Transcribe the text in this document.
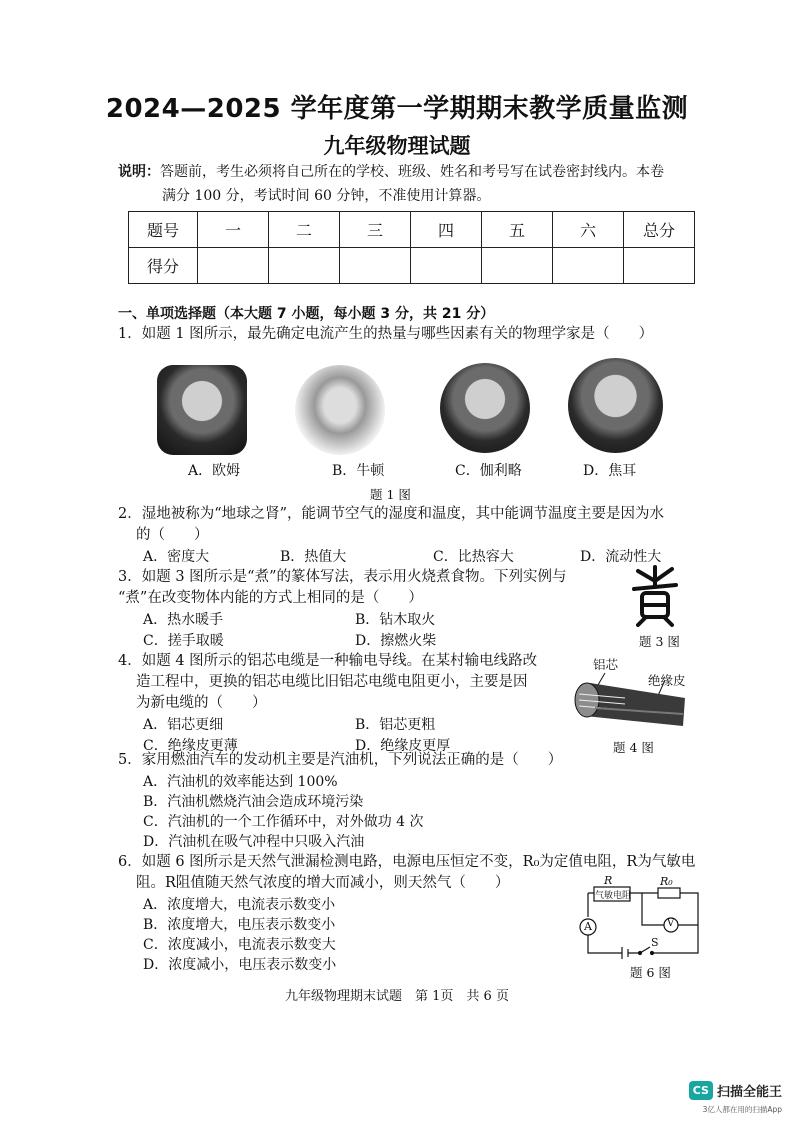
2024—2025 学年度第一学期期末教学质量监测
九年级物理试题
说明：答题前，考生必须将自己所在的学校、班级、姓名和考号写在试卷密封线内。本卷
满分 100 分，考试时间 60 分钟，不准使用计算器。
题号	一	二	三	四	五	六	总分
得分							
一、单项选择题（本大题 7 小题，每小题 3 分，共 21 分）
1．如题 1 图所示，最先确定电流产生的热量与哪些因素有关的物理学家是（　　）
A．欧姆	B．牛顿	C．伽利略	D．焦耳
题 1 图
2．湿地被称为“地球之肾”，能调节空气的湿度和温度，其中能调节温度主要是因为水
的（　　）
A．密度大	B．热值大	C．比热容大	D．流动性大
3．如题 3 图所示是“煮”的篆体写法，表示用火烧煮食物。下列实例与
“煮”在改变物体内能的方式上相同的是（　　）
A．热水暖手	B．钻木取火
C．搓手取暖	D．擦燃火柴	题 3 图
4．如题 4 图所示的铝芯电缆是一种输电导线。在某村输电线路改
造工程中，更换的铝芯电缆比旧铝芯电缆电阻更小，主要是因
为新电缆的（　　）
A．铝芯更细	B．铝芯更粗
C．绝缘皮更薄	D．绝缘皮更厚
铝芯
绝缘皮
题 4 图
5．家用燃油汽车的发动机主要是汽油机，下列说法正确的是（　　）
A．汽油机的效率能达到 100%
B．汽油机燃烧汽油会造成环境污染
C．汽油机的一个工作循环中，对外做功 4 次
D．汽油机在吸气冲程中只吸入汽油
6．如题 6 图所示是天然气泄漏检测电路，电源电压恒定不变，R₀为定值电阻，R为气敏电
阻。R阻值随天然气浓度的增大而减小，则天然气（　　）
A．浓度增大，电流表示数变小
B．浓度增大，电压表示数变小
C．浓度减小，电流表示数变大
D．浓度减小，电压表示数变小
R	R₀
气敏电阻
A	V
S
题 6 图
九年级物理期末试题　第 1页　共 6 页
CS 扫描全能王
3亿人都在用的扫描App
